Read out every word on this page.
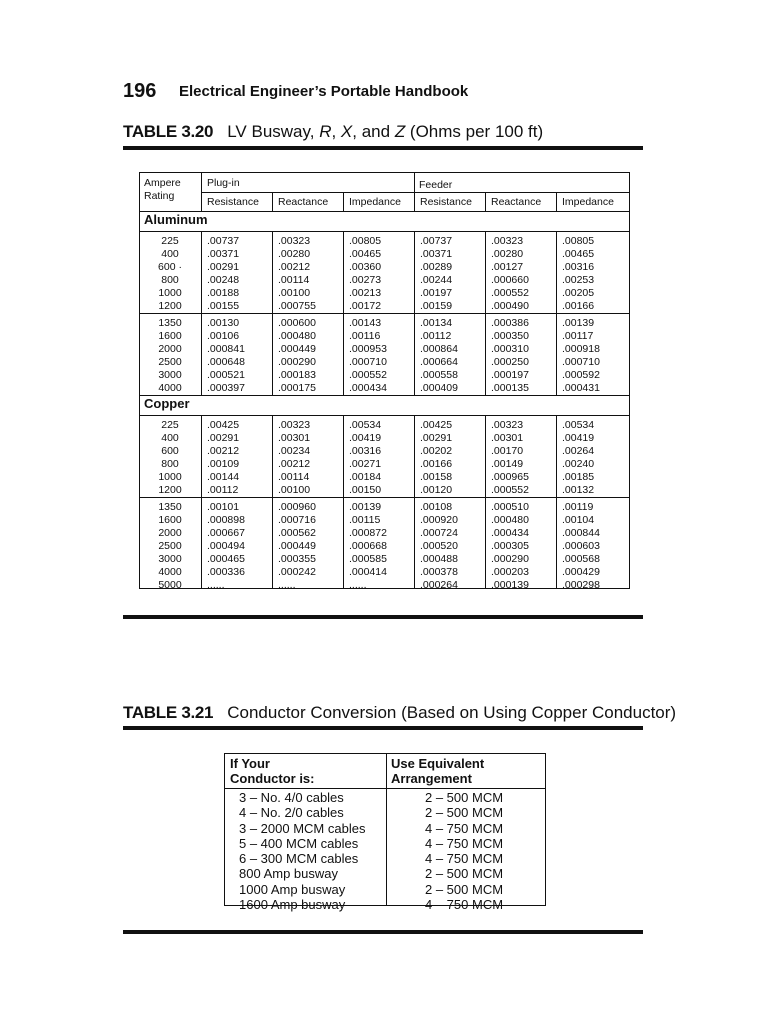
196 Electrical Engineer’s Portable Handbook
TABLE 3.20 LV Busway, R, X, and Z (Ohms per 100 ft)
Ampere
Rating
Plug-in	Feeder
Resistance Reactance Impedance Resistance Reactance Impedance
Aluminum
Copper
225
400
600 ·
800
1000
1200
.00737
.00371
.00291
.00248
.00188
.00155
.00323
.00280
.00212
.00114
.00100
.000755
.00805
.00465
.00360
.00273
.00213
.00172
.00737
.00371
.00289
.00244
.00197
.00159
.00323
.00280
.00127
.000660
.000552
.000490
.00805
.00465
.00316
.00253
.00205
.00166
1350
1600
2000
2500
3000
4000
.00130
.00106
.000841
.000648
.000521
.000397
.000600
.000480
.000449
.000290
.000183
.000175
.00143
.00116
.000953
.000710
.000552
.000434
.00134
.00112
.000864
.000664
.000558
.000409
.000386
.000350
.000310
.000250
.000197
.000135
.00139
.00117
.000918
.000710
.000592
.000431
225
400
600
800
1000
1200
.00425
.00291
.00212
.00109
.00144
.00112
.00323
.00301
.00234
.00212
.00114
.00100
.00534
.00419
.00316
.00271
.00184
.00150
.00425
.00291
.00202
.00166
.00158
.00120
.00323
.00301
.00170
.00149
.000965
.000552
.00534
.00419
.00264
.00240
.00185
.00132
1350
1600
2000
2500
3000
4000
5000
.00101
.000898
.000667
.000494
.000465
.000336
......
.000960
.000716
.000562
.000449
.000355
.000242
......
.00139
.00115
.000872
.000668
.000585
.000414
......
.00108
.000920
.000724
.000520
.000488
.000378
.000264
.000510
.000480
.000434
.000305
.000290
.000203
.000139
.00119
.00104
.000844
.000603
.000568
.000429
.000298
TABLE 3.21 Conductor Conversion (Based on Using Copper Conductor)
If Your
Conductor is:
Use Equivalent
Arrangement
3 – No. 4/0 cables
4 – No. 2/0 cables
3 – 2000 MCM cables
5 – 400 MCM cables
6 – 300 MCM cables
800 Amp busway
1000 Amp busway
1600 Amp busway
2 – 500 MCM
2 – 500 MCM
4 – 750 MCM
4 – 750 MCM
4 – 750 MCM
2 – 500 MCM
2 – 500 MCM
4 – 750 MCM
